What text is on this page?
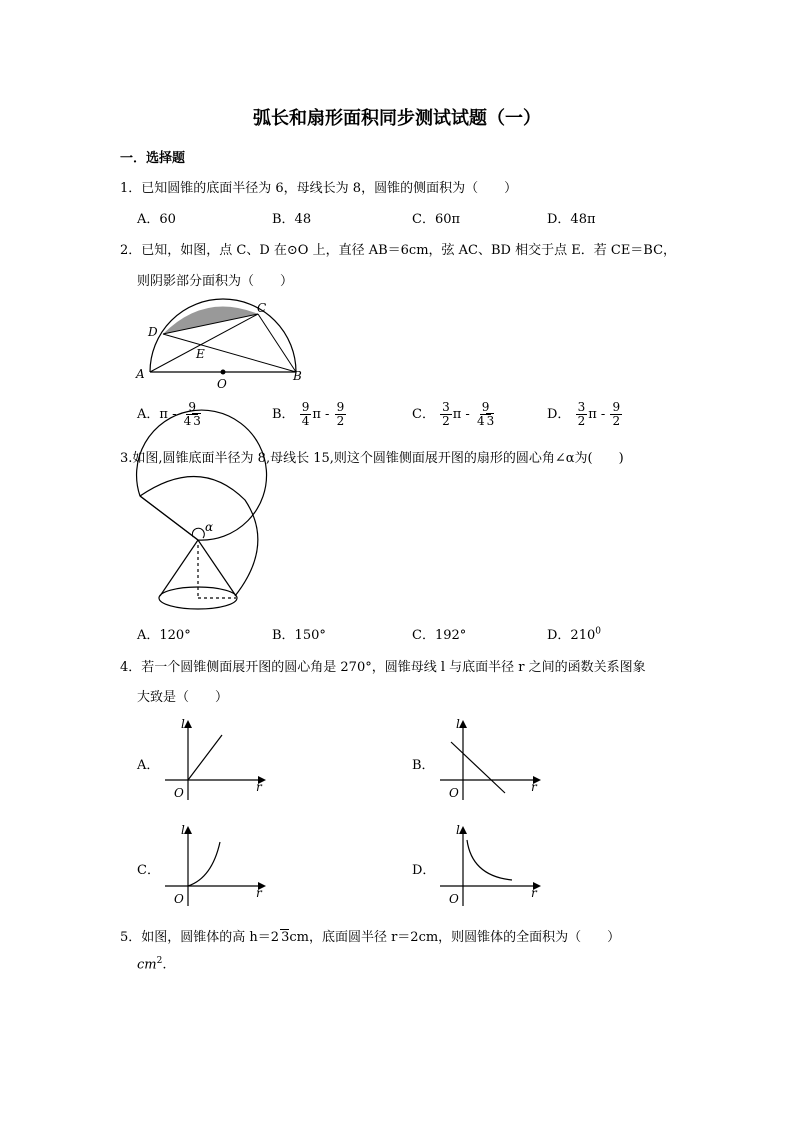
弧长和扇形面积同步测试试题（一）
一．选择题
1．已知圆锥的底面半径为 6，母线长为 8，圆锥的侧面积为（　　）
A．60	B．48	C．60π	D．48π
2．已知，如图，点 C、D 在⊙O 上，直径 AB＝6cm，弦 AC、BD 相交于点 E．若 CE＝BC，
则阴影部分面积为（　　）
A	B
C
D
E
O
A．π - $\frac{9}{4 3}$	B． $\frac{9}{4}$ π - $\frac{9}{2}$	C． $\frac{3}{2}$ π - $\frac{9}{4 3}$	D． $\frac{3}{2}$ π - $\frac{9}{2}$
3.如图,圆锥底面半径为 8,母线长 15,则这个圆锥侧面展开图的扇形的圆心角∠α为(　　)
α
A．120°	B．150°	C．192°	D．$210^0$
4．若一个圆锥侧面展开图的圆心角是 270°，圆锥母线 l 与底面半径 r 之间的函数关系图象
大致是（　　）
A．
l
r
O
B．
l
r
O
C．
l
r
O
D．
l
r
O
5．如图，圆锥体的高 h＝2 3cm，底面圆半径 r＝2cm，则圆锥体的全面积为（　　）
$cm^2$.
